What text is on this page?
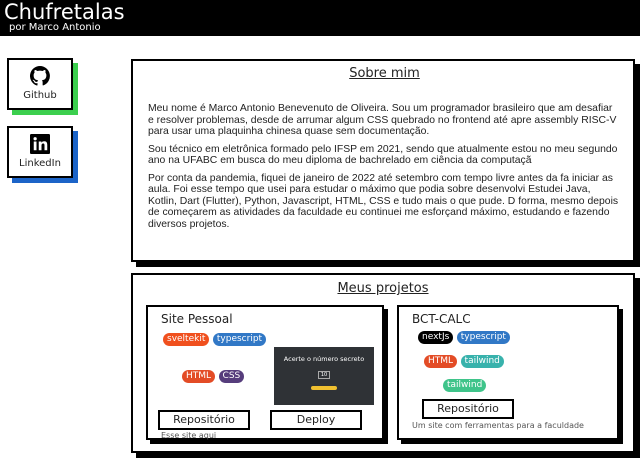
Chufretalas
por Marco Antonio
Github
LinkedIn
Sobre mim

Meu nome é Marco Antonio Benevenuto de Oliveira. Sou um programador brasileiro que am desafiar e resolver problemas, desde de arrumar algum CSS quebrado no frontend até apre assembly RISC-V para usar uma plaquinha chinesa quase sem documentação.

Sou técnico em eletrônica formado pelo IFSP em 2021, sendo que atualmente estou no meu segundo ano na UFABC em busca do meu diploma de bachrelado em ciência da computaçã

Por conta da pandemia, fiquei de janeiro de 2022 até setembro com tempo livre antes da fa iniciar as aula. Foi esse tempo que usei para estudar o máximo que podia sobre desenvolvi Estudei Java, Kotlin, Dart (Flutter), Python, Javascript, HTML, CSS e tudo mais o que pude. D forma, mesmo depois de começarem as atividades da faculdade eu continuei me esforçand máximo, estudando e fazendo diversos projetos.

Meus projetos
Site Pessoal
sveltekit typescript
HTML CSS
Acerte o número secreto
10
Repositório	Deploy
Esse site aqui
BCT-CALC
nextJs typescript
HTML tailwind
tailwind
Repositório
Um site com ferramentas para a faculdade
